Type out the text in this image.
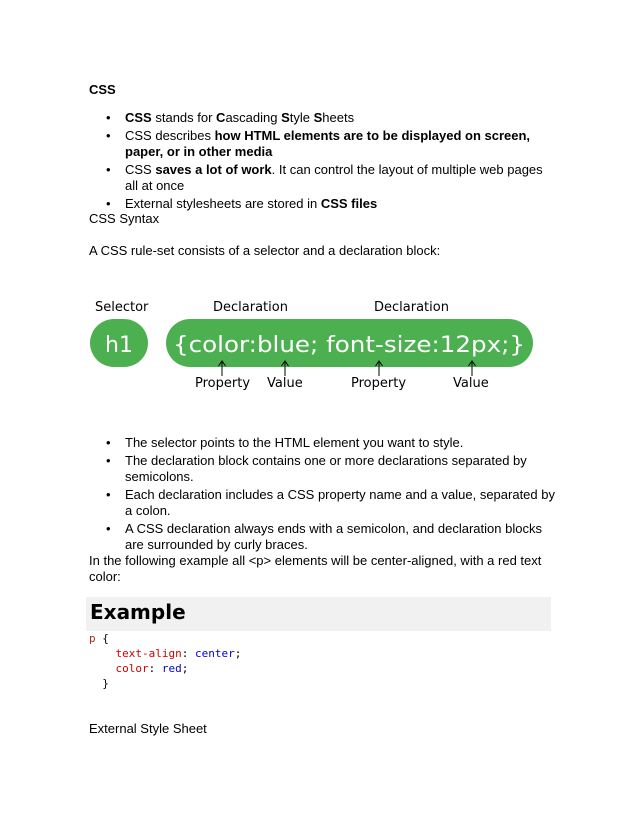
CSS
• CSS stands for Cascading Style Sheets
• CSS describes how HTML elements are to be displayed on screen, paper, or in other media
• CSS saves a lot of work. It can control the layout of multiple web pages all at once
• External stylesheets are stored in CSS files
CSS Syntax
A CSS rule-set consists of a selector and a declaration block:
Selector	Declaration	Declaration
h1 {color:blue; font-size:12px;}
Property Value	Property	Value
• The selector points to the HTML element you want to style.
• The declaration block contains one or more declarations separated by semicolons.
• Each declaration includes a CSS property name and a value, separated by a colon.
• A CSS declaration always ends with a semicolon, and declaration blocks are surrounded by curly braces.
In the following example all <p> elements will be center-aligned, with a red text color:
Example
p {
text-align: center;
color: red;
}
External Style Sheet
